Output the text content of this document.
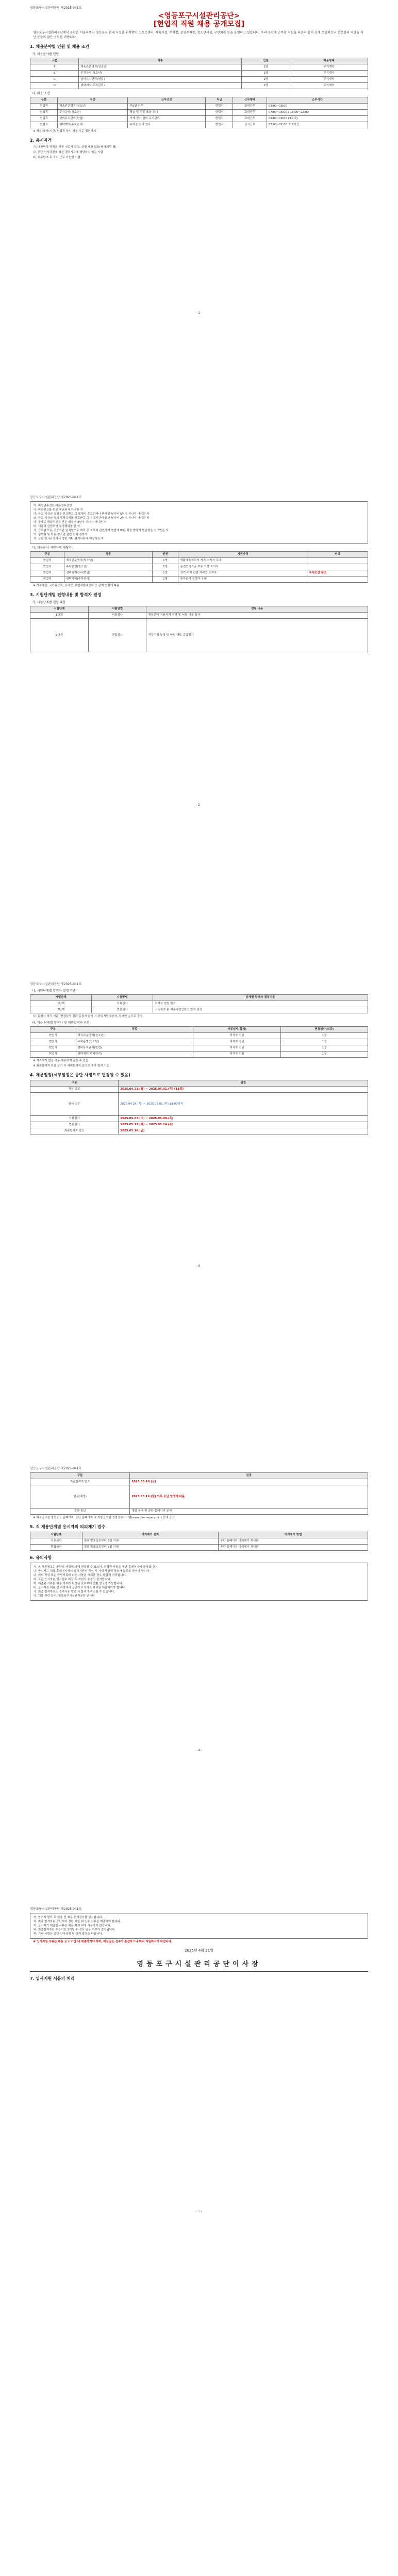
영등포구시설관리공단 제2025-041호
<영등포구시설관리공단>
[현업직 직원 채용 공개모집]
영등포구시설관리공단에서 공단은 서울특별시 영등포구 관내 시설을 위탁받아 스포츠센터, 체육시설, 주차장, 공영주차장, 청소년시설, 구민회관 등을 운영하고 있습니다. 우리 공단에 근무할 직원을 다음과 같이 공개 모집하오니 전문성과 역량을 지닌 분들의 많은 응모를 바랍니다.
1. 채용분야별 인원 및 채용 조건
가. 채용분야별 인원
구분	직종	인원	채용형태
A	체육관운영직(청소년)	1명	무기계약
B	주차운영(청소년)	1명	무기계약
C	설비유지관리(현업)	1명	무기계약
D	위탁계약(주차관리)	1명	무기계약
나. 채용 조건
구분	직종	근무조건	직급	근무형태	근무시간
현업직	체육관운영직(청소년)	주5일 근무	현업직	교대근무	09:00~18:00
현업직	주차운영(청소년)	평일 및 주말 포함 교대	현업직	교대근무	07:00~16:00 / 13:00~22:00
현업직	설비유지관리(현업)	기계·전기 설비 유지관리	현업직	교대근무	09:00~18:00 (3교대)
현업직	위탁계약(주차관리)	주차장 관리 업무	현업직	상시근무	07:00~22:00 중 8시간
※ 채용(계약)기간: 현업직 상시 채용 기준 정년까지
2. 응시자격
가. 대한민국 국적을 가진 자로서 학력, 성별 제한 없음(병역의무 필)
나. 공단 인사규정에 따른 결격사유에 해당하지 않는 사람
다. 최종합격 후 즉시 근무 가능한 사람
- 1 -
영등포구시설관리공단 제2025-041호
가. 피성년후견인·피한정후견인
나. 파산선고를 받고 복권되지 아니한 자
다. 금고 이상의 실형을 선고받고 그 집행이 종료되거나 면제된 날부터 5년이 지나지 아니한 자
라. 금고 이상의 형의 집행유예를 선고받고 그 유예기간이 끝난 날부터 2년이 지나지 아니한 자
마. 징계로 해임처분을 받은 때부터 3년이 지나지 아니한 자
바. 채용과 관련하여 부정행위를 한 자
사. 공무원 또는 공공기관 임직원으로 재직 중 직무와 관련하여 형법에 따른 죄를 범하여 벌금형을 선고받은 자
아. 성범죄 및 아동·청소년 관련 범죄 경력자
자. 공단 인사규정에서 정한 기타 결격사유에 해당하는 자
다. 채용분야 지원자격 해당자
구분	직종	인원	지원자격	비고
현업직	체육관운영직(청소년)	1명	생활체육지도자 자격 소지자 우대	
현업직	주차운영(청소년)	1명	운전면허 1종 보통 이상 소지자	
현업직	설비유지관리(현업)	1명	전기·기계 관련 자격증 소지자	우대조건 참조
현업직	위탁계약(주차관리)	1명	주차관리 경력자 우대	
※ 가점대상: 국가유공자, 장애인, 취업지원대상자 등 관계 법령에 따름
3. 시험단계별 전형내용 및 합격자 결정
가. 시험단계별 전형 내용
시험단계	시험방법	전형 내용
1단계	서류심사	채용분야 지원자격 적격 및 서류 내용 심사
2단계	면접심사	직무수행 능력 및 인성·태도 종합평가
- 2 -
영등포구시설관리공단 제2025-041호
나. 시험단계별 합격자 결정 기준
시험단계	시험방법	단계별 합격자 결정기준
1단계	서류심사	적격자 전원 합격
2단계	면접심사	고득점자 순 채용예정인원의 합격 결정
다. 동점자 처리 기준: 면접심사 결과 동점자 발생 시 취업지원대상자, 장애인 순으로 결정
라. 채용 단계별 합격자 및 예비합격자 인원
구분	직종	서류심사(합격)	면접심사(최종)
현업직	체육관운영직(청소년)	적격자 전원	1명
현업직	주차운영(청소년)	적격자 전원	1명
현업직	설비유지관리(현업)	적격자 전원	1명
현업직	위탁계약(주차관리)	적격자 전원	1명
※ 적격자가 없을 경우 채용하지 않을 수 있음
※ 최종합격자 임용 포기 시 예비합격자 순으로 추가 합격 가능
4. 채용일정(세부일정은 공단 사정으로 변경될 수 있음)
구분	일정
채용 공고	2025.04.21.(월) ~ 2025.05.01.(목) [11일]
원서 접수	2025.04.24.(목) ~ 2025.05.01.(목) 18:00까지
서류심사	2025.05.07.(수) ~ 2025.05.08.(목)
면접심사	2025.05.13.(화) ~ 2025.05.14.(수)
최종합격자 발표	2025.05.16.(금)
- 3 -
영등포구시설관리공단 제2025-041호
구분	일정
최종합격자 발표	2025.05.16.(금)
임용(예정)	2025.05.19.(월) 이후 공단 일정에 따름
결과 통보	개별 문자 및 공단 홈페이지 공지
※ 채용공고는 영등포구 홈페이지, 공단 홈페이지 및 지방공기업 경영정보시스템(www.cleaneye.go.kr) 등에 공고
5. 직 채용단계별 응시자의 의의제기 접수
시험단계	이의제기 절차	이의제기 방법
서류심사	결과 발표일로부터 3일 이내	공단 홈페이지 이의제기 게시판
면접심사	결과 발표일로부터 3일 이내	공단 홈페이지 이의제기 게시판
6. 유의사항
가. 본 채용공고는 공단의 사정에 의해 변경될 수 있으며, 변경된 사항은 공단 홈페이지에 공지합니다.
나. 응시자는 채용 홈페이지에서 입사지원서 작성 시 기재 사항에 착오가 없도록 하여야 합니다.
다. 허위 작성 또는 증빙서류와 다른 사항을 기재한 경우 불합격 처리됩니다.
라. 모든 응시자는 원서접수 마감 후 지원서 수정이 불가합니다.
마. 제출된 서류는 채용 여부가 확정된 날로부터 반환 청구가 가능합니다.
바. 응시자는 채용 전 과정에서 공단이 요청하는 자료를 제출하여야 합니다.
사. 최종 합격자라도 결격사유 발견 시 합격이 취소될 수 있습니다.
아. 채용 관련 문의: 영등포구시설관리공단 인사팀
- 4 -
영등포구시설관리공단 제2025-041호
자. 합격자 발표 후 임용 전 채용 신체검사를 실시합니다.
차. 최종 합격자는 공단에서 정한 기한 내 임용 서류를 제출해야 합니다.
카. 응시자가 제출한 서류는 채용 목적 외에 사용하지 않습니다.
타. 최종합격자는 수습기간 3개월 후 정식 임용 여부가 결정됩니다.
파. 기타 사항은 공단 인사규정 및 관계 법령을 따릅니다.
※ 입사지원 서류는 채용 공고 기간 내 제출하여야 하며, 마감일은 접수가 혼잡하오니 미리 지원하시기 바랍니다.
2025년 4월 21일
영등포구시설관리공단이사장
7. 입사지원 서류의 처리
- 5 -
